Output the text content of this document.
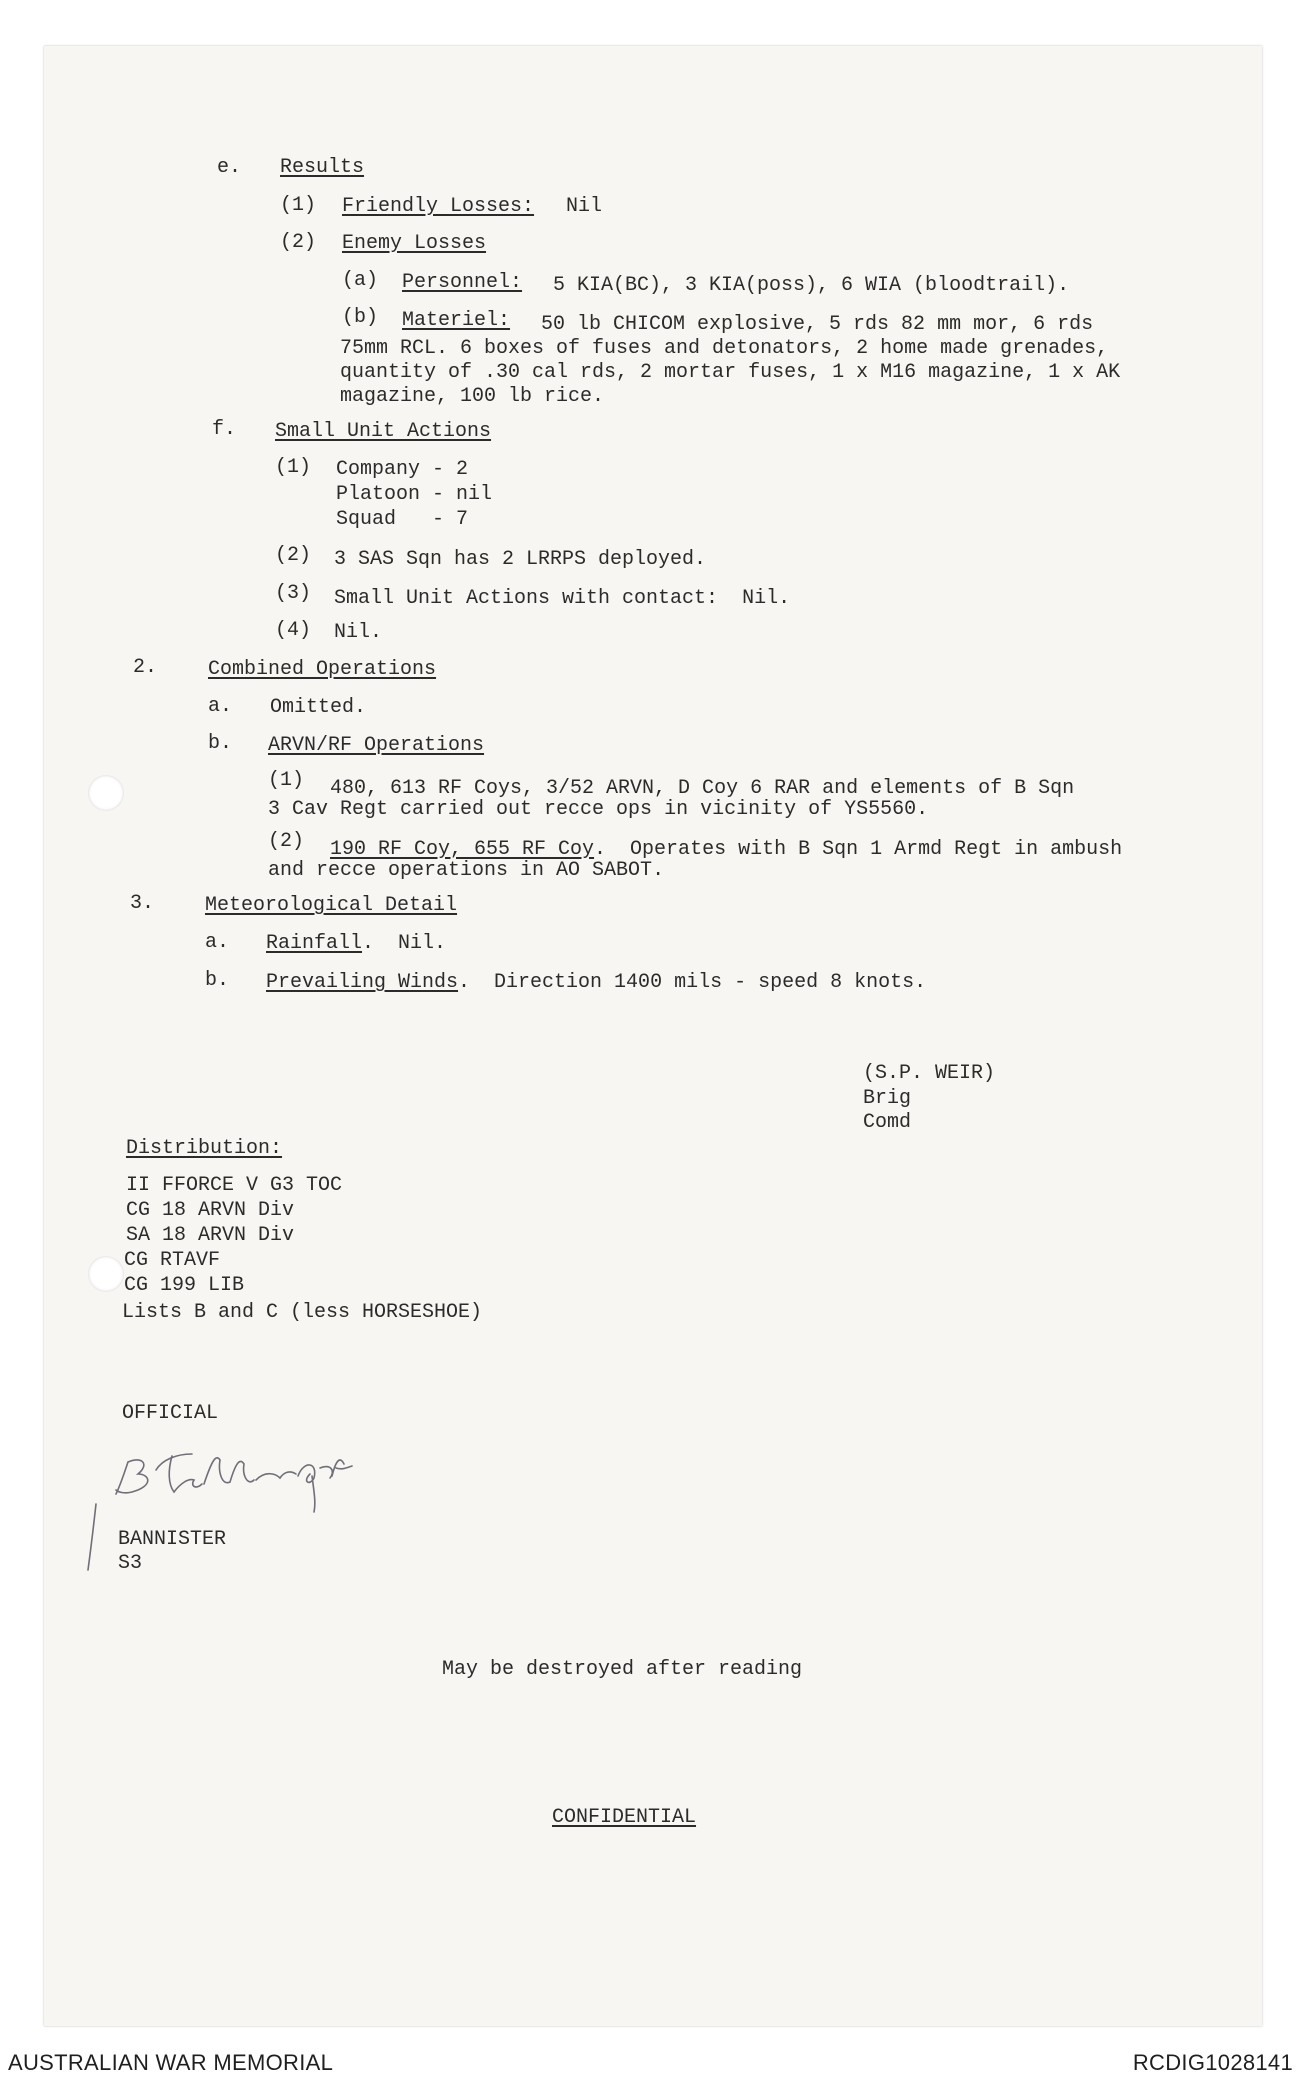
e. Results
(1) Friendly Losses: Nil
(2) Enemy Losses
(a) Personnel: 5 KIA(BC), 3 KIA(poss), 6 WIA (bloodtrail).
(b) Materiel: 50 lb CHICOM explosive, 5 rds 82 mm mor, 6 rds
75mm RCL. 6 boxes of fuses and detonators, 2 home made grenades,
quantity of .30 cal rds, 2 mortar fuses, 1 x M16 magazine, 1 x AK
magazine, 100 lb rice.
f. Small Unit Actions
(1) Company - 2
Platoon - nil
Squad   - 7
(2) 3 SAS Sqn has 2 LRRPS deployed.
(3) Small Unit Actions with contact:  Nil.
(4) Nil.
2.	Combined Operations
a. Omitted.
b. ARVN/RF Operations
(1) 480, 613 RF Coys, 3/52 ARVN, D Coy 6 RAR and elements of B Sqn
3 Cav Regt carried out recce ops in vicinity of YS5560.
(2) 190 RF Coy, 655 RF Coy.  Operates with B Sqn 1 Armd Regt in ambush
and recce operations in AO SABOT.
3.	Meteorological Detail
a. Rainfall.  Nil.
b. Prevailing Winds.  Direction 1400 mils - speed 8 knots.
(S.P. WEIR)
Brig
Comd
Distribution:
II FFORCE V G3 TOC
CG 18 ARVN Div
SA 18 ARVN Div
CG RTAVF
CG 199 LIB
Lists B and C (less HORSESHOE)
OFFICIAL
BANNISTER
S3
May be destroyed after reading
CONFIDENTIAL
AUSTRALIAN WAR MEMORIAL	RCDIG1028141
